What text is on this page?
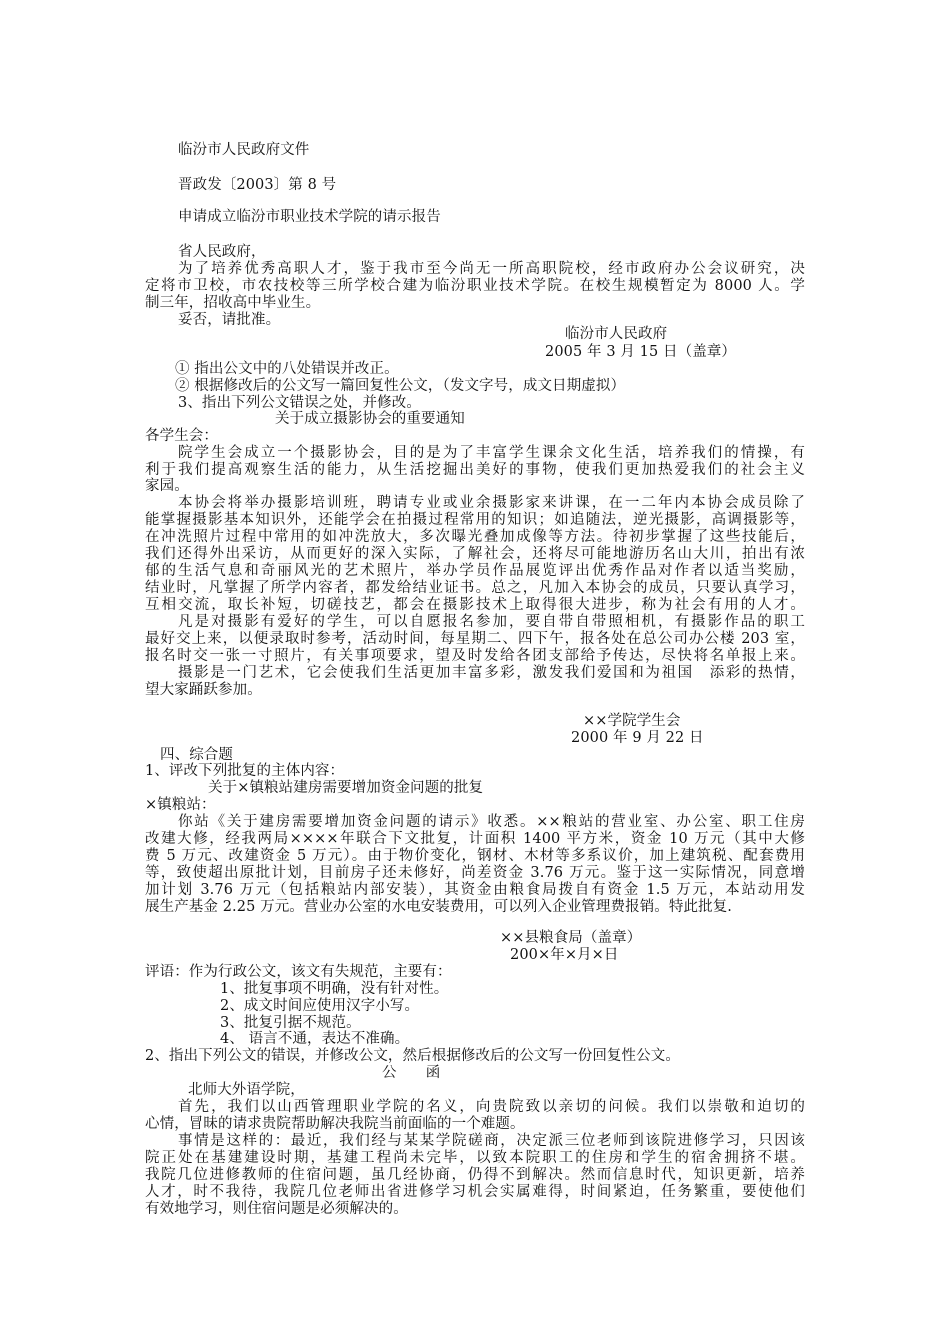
临汾市人民政府文件
晋政发〔2003〕第 8 号
申请成立临汾市职业技术学院的请示报告
省人民政府，
为了培养优秀高职人才，鉴于我市至今尚无一所高职院校，经市政府办公会议研究，决
定将市卫校，市农技校等三所学校合建为临汾职业技术学院。在校生规模暂定为 8000 人。学
制三年，招收高中毕业生。
妥否，请批准。
临汾市人民政府
2005 年 3 月 15 日（盖章）
① 指出公文中的八处错误并改正。
② 根据修改后的公文写一篇回复性公文，（发文字号，成文日期虚拟）
3、指出下列公文错误之处，并修改。
关于成立摄影协会的重要通知
各学生会：
院学生会成立一个摄影协会，目的是为了丰富学生课余文化生活，培养我们的情操，有
利于我们提高观察生活的能力，从生活挖掘出美好的事物，使我们更加热爱我们的社会主义
家园。
本协会将举办摄影培训班，聘请专业或业余摄影家来讲课，在一二年内本协会成员除了
能掌握摄影基本知识外，还能学会在拍摄过程常用的知识；如追随法，逆光摄影，高调摄影等，
在冲洗照片过程中常用的如冲洗放大，多次曝光叠加成像等方法。待初步掌握了这些技能后，
我们还得外出采访，从而更好的深入实际，了解社会，还将尽可能地游历名山大川，拍出有浓
郁的生活气息和奇丽风光的艺术照片，举办学员作品展览评出优秀作品对作者以适当奖励，
结业时，凡掌握了所学内容者，都发给结业证书。总之，凡加入本协会的成员，只要认真学习，
互相交流，取长补短，切磋技艺，都会在摄影技术上取得很大进步，称为社会有用的人才。
凡是对摄影有爱好的学生，可以自愿报名参加，要自带自带照相机，有摄影作品的职工
最好交上来，以便录取时参考，活动时间，每星期二、四下午，报各处在总公司办公楼 203 室，
报名时交一张一寸照片，有关事项要求，望及时发给各团支部给予传达，尽快将名单报上来。
摄影是一门艺术，它会使我们生活更加丰富多彩，激发我们爱国和为祖国　添彩的热情，
望大家踊跃参加。
××学院学生会
2000 年 9 月 22 日
四、综合题
1、评改下列批复的主体内容：
关于×镇粮站建房需要增加资金问题的批复
×镇粮站：
你站《关于建房需要增加资金问题的请示》收悉。××粮站的营业室、办公室、职工住房
改建大修，经我两局××××年联合下文批复，计面积 1400 平方米，资金 10 万元（其中大修
费 5 万元、改建资金 5 万元）。由于物价变化，钢材、木材等多系议价，加上建筑税、配套费用
等，致使超出原批计划，目前房子还未修好，尚差资金 3.76 万元。鉴于这一实际情况，同意增
加计划 3.76 万元（包括粮站内部安装），其资金由粮食局拨自有资金 1.5 万元，本站动用发
展生产基金 2.25 万元。营业办公室的水电安装费用，可以列入企业管理费报销。特此批复.
××县粮食局（盖章）
200×年×月×日
评语：作为行政公文，该文有失规范，主要有：
1、批复事项不明确，没有针对性。
2、成文时间应使用汉字小写。
3、批复引据不规范。
4、 语言不通，表达不准确。
2、指出下列公文的错误，并修改公文，然后根据修改后的公文写一份回复性公文。
公　　函
北师大外语学院，
首先，我们以山西管理职业学院的名义，向贵院致以亲切的问候。我们以崇敬和迫切的
心情，冒昧的请求贵院帮助解决我院当前面临的一个难题。
事情是这样的：最近，我们经与某某学院磋商，决定派三位老师到该院进修学习，只因该
院正处在基建建设时期，基建工程尚未完毕，以致本院职工的住房和学生的宿舍拥挤不堪。
我院几位进修教师的住宿问题，虽几经协商，仍得不到解决。然而信息时代，知识更新，培养
人才，时不我待，我院几位老师出省进修学习机会实属难得，时间紧迫，任务繁重，要使他们
有效地学习，则住宿问题是必须解决的。
